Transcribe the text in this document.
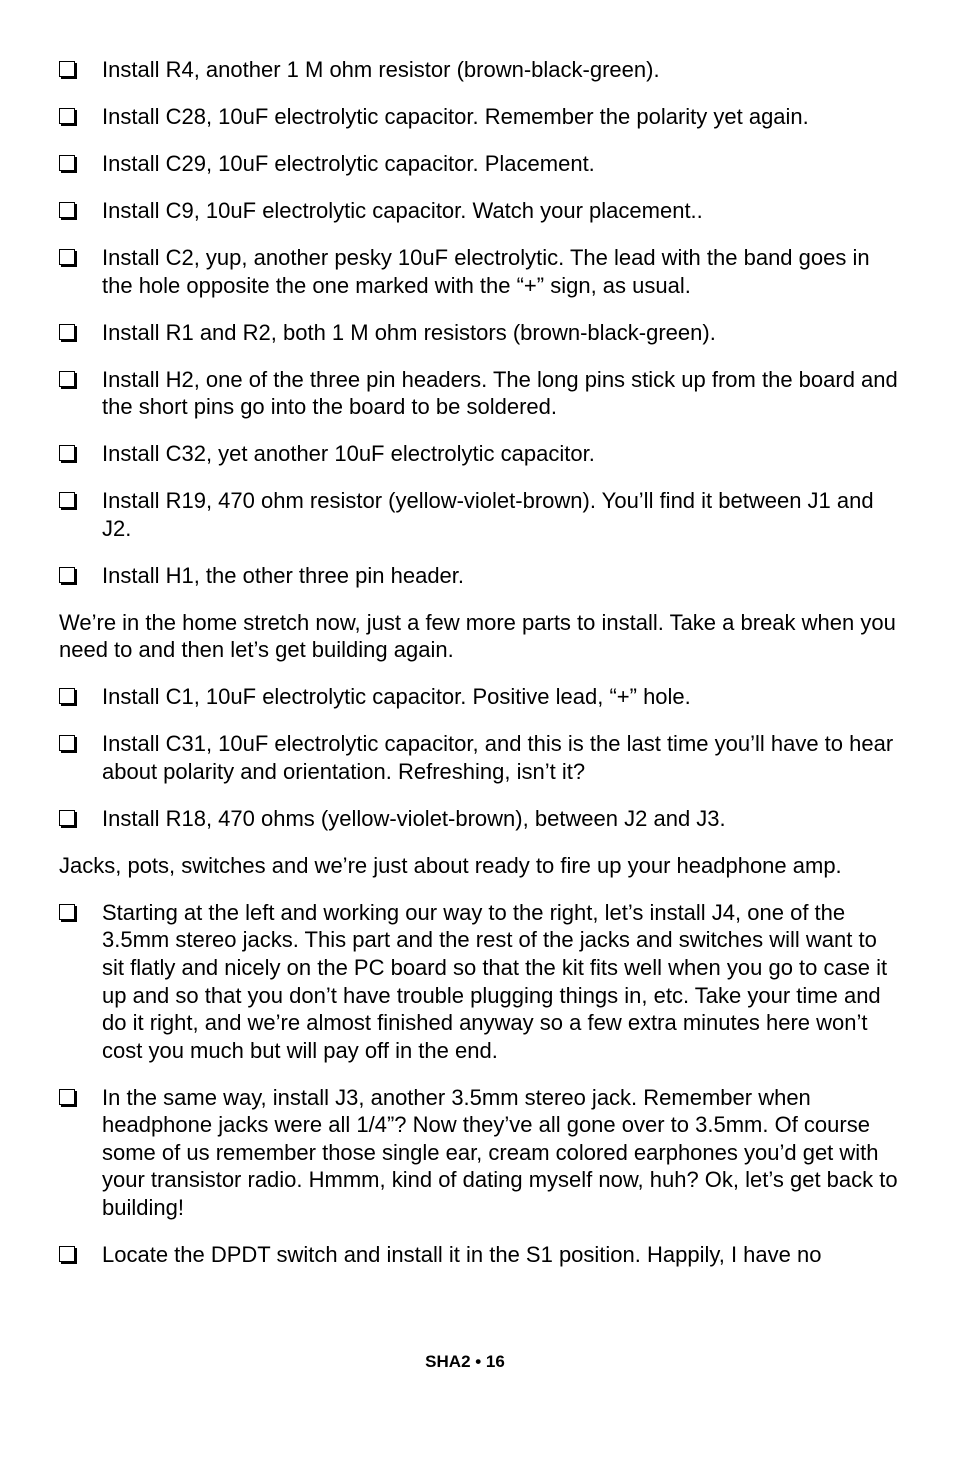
Install R4, another 1 M ohm resistor (brown-black-green).
Install C28, 10uF electrolytic capacitor. Remember the polarity yet again.
Install C29, 10uF electrolytic capacitor. Placement.
Install C9, 10uF electrolytic capacitor. Watch your placement..
Install C2, yup, another pesky 10uF electrolytic. The lead with the band goes in the hole opposite the one marked with the “+” sign, as usual.
Install R1 and R2, both 1 M ohm resistors (brown-black-green).
Install H2, one of the three pin headers. The long pins stick up from the board and the short pins go into the board to be soldered.
Install C32, yet another 10uF electrolytic capacitor.
Install R19, 470 ohm resistor (yellow-violet-brown). You’ll find it between J1 and J2.
Install H1, the other three pin header.

We’re in the home stretch now, just a few more parts to install. Take a break when you need to and then let’s get building again.

Install C1, 10uF electrolytic capacitor. Positive lead, “+” hole.
Install C31, 10uF electrolytic capacitor, and this is the last time you’ll have to hear about polarity and orientation. Refreshing, isn’t it?
Install R18, 470 ohms (yellow-violet-brown), between J2 and J3.

Jacks, pots, switches and we’re just about ready to fire up your headphone amp.

Starting at the left and working our way to the right, let’s install J4, one of the 3.5mm stereo jacks. This part and the rest of the jacks and switches will want to sit flatly and nicely on the PC board so that the kit fits well when you go to case it up and so that you don’t have trouble plugging things in, etc. Take your time and do it right, and we’re almost finished anyway so a few extra minutes here won’t cost you much but will pay off in the end.
In the same way, install J3, another 3.5mm stereo jack. Remember when headphone jacks were all 1/4”? Now they’ve all gone over to 3.5mm. Of course some of us remember those single ear, cream colored earphones you’d get with your transistor radio. Hmmm, kind of dating myself now, huh? Ok, let’s get back to building!
Locate the DPDT switch and install it in the S1 position. Happily, I have no
SHA2 • 16
